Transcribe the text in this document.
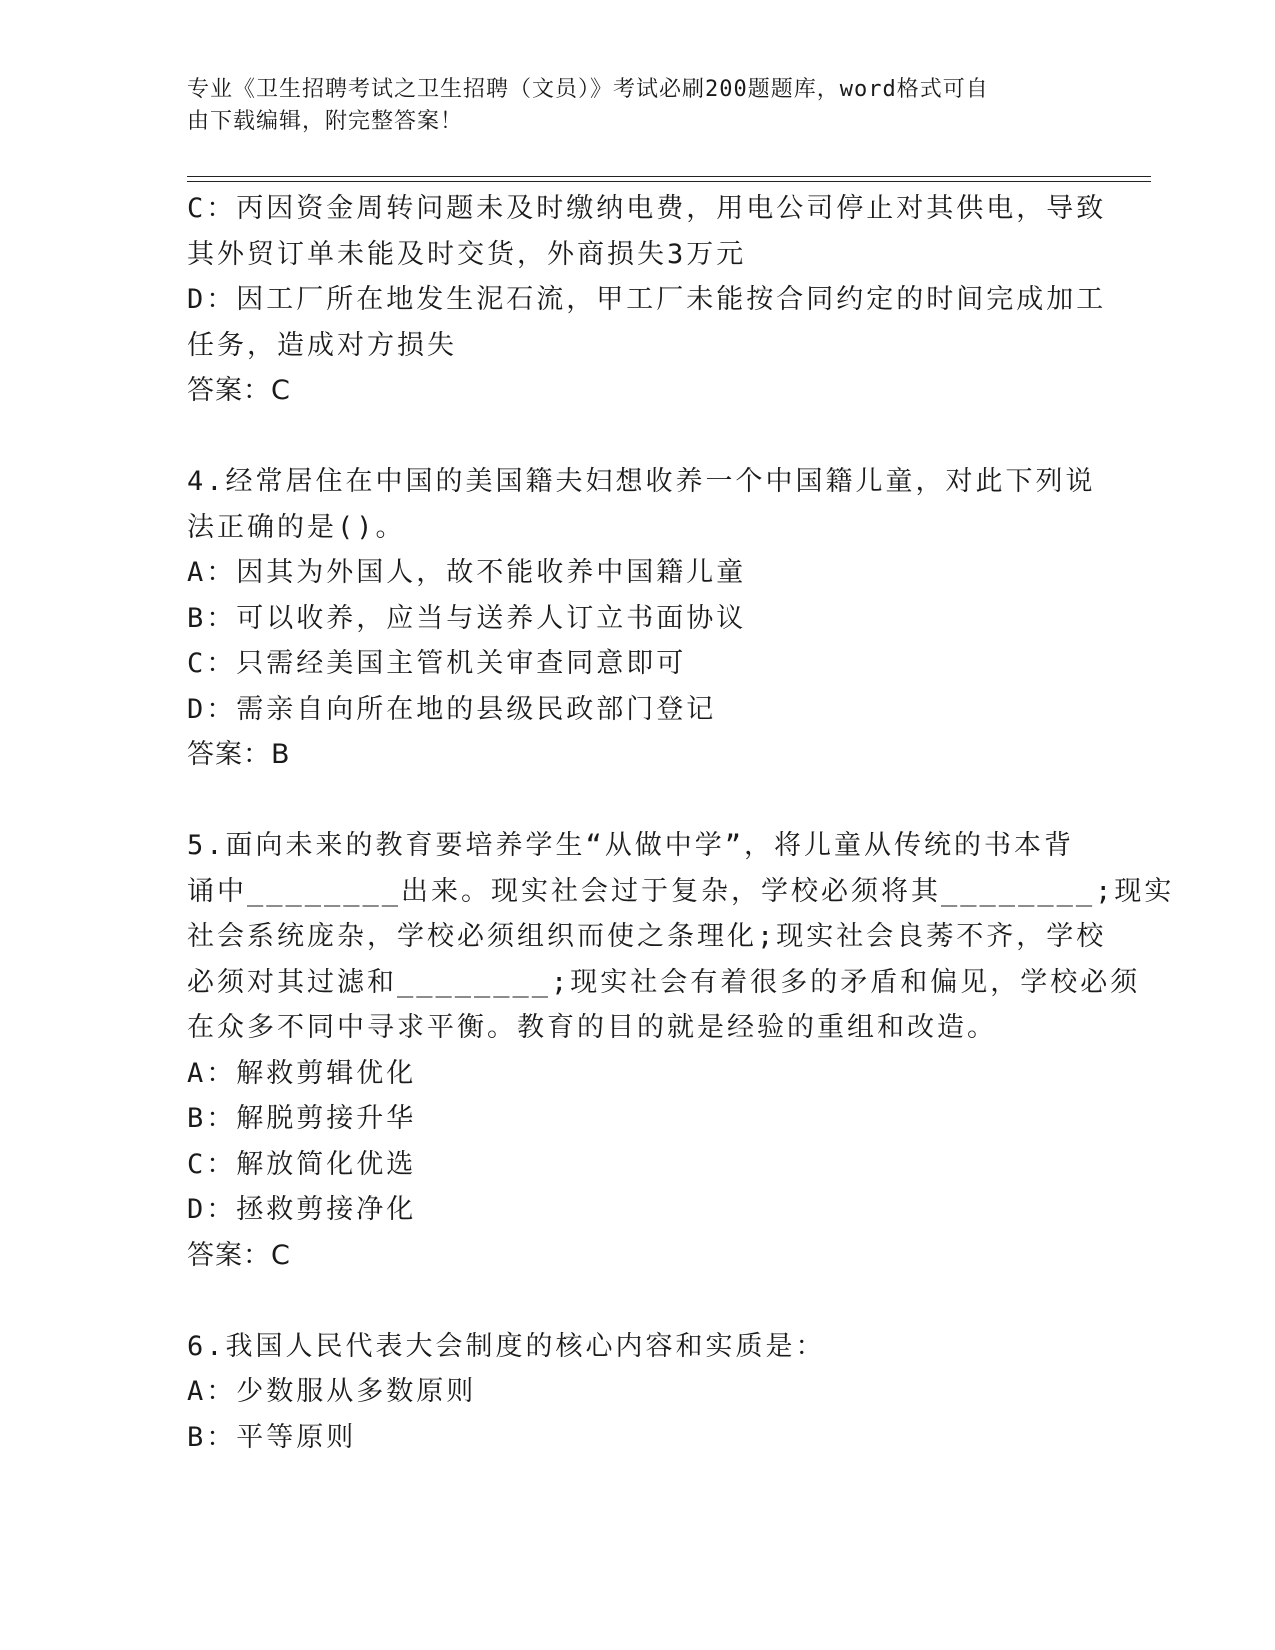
专业《卫生招聘考试之卫生招聘（文员）》考试必刷200题题库，word格式可自
由下载编辑，附完整答案！
C：丙因资金周转问题未及时缴纳电费，用电公司停止对其供电，导致
其外贸订单未能及时交货，外商损失3万元
D：因工厂所在地发生泥石流，甲工厂未能按合同约定的时间完成加工
任务，造成对方损失
答案：C
4.经常居住在中国的美国籍夫妇想收养一个中国籍儿童，对此下列说
法正确的是()。
A：因其为外国人，故不能收养中国籍儿童
B：可以收养，应当与送养人订立书面协议
C：只需经美国主管机关审查同意即可
D：需亲自向所在地的县级民政部门登记
答案：B
5.面向未来的教育要培养学生“从做中学”，将儿童从传统的书本背
诵中________出来。现实社会过于复杂，学校必须将其________;现实
社会系统庞杂，学校必须组织而使之条理化;现实社会良莠不齐，学校
必须对其过滤和________;现实社会有着很多的矛盾和偏见，学校必须
在众多不同中寻求平衡。教育的目的就是经验的重组和改造。
A：解救剪辑优化
B：解脱剪接升华
C：解放简化优选
D：拯救剪接净化
答案：C
6.我国人民代表大会制度的核心内容和实质是：
A：少数服从多数原则
B：平等原则
